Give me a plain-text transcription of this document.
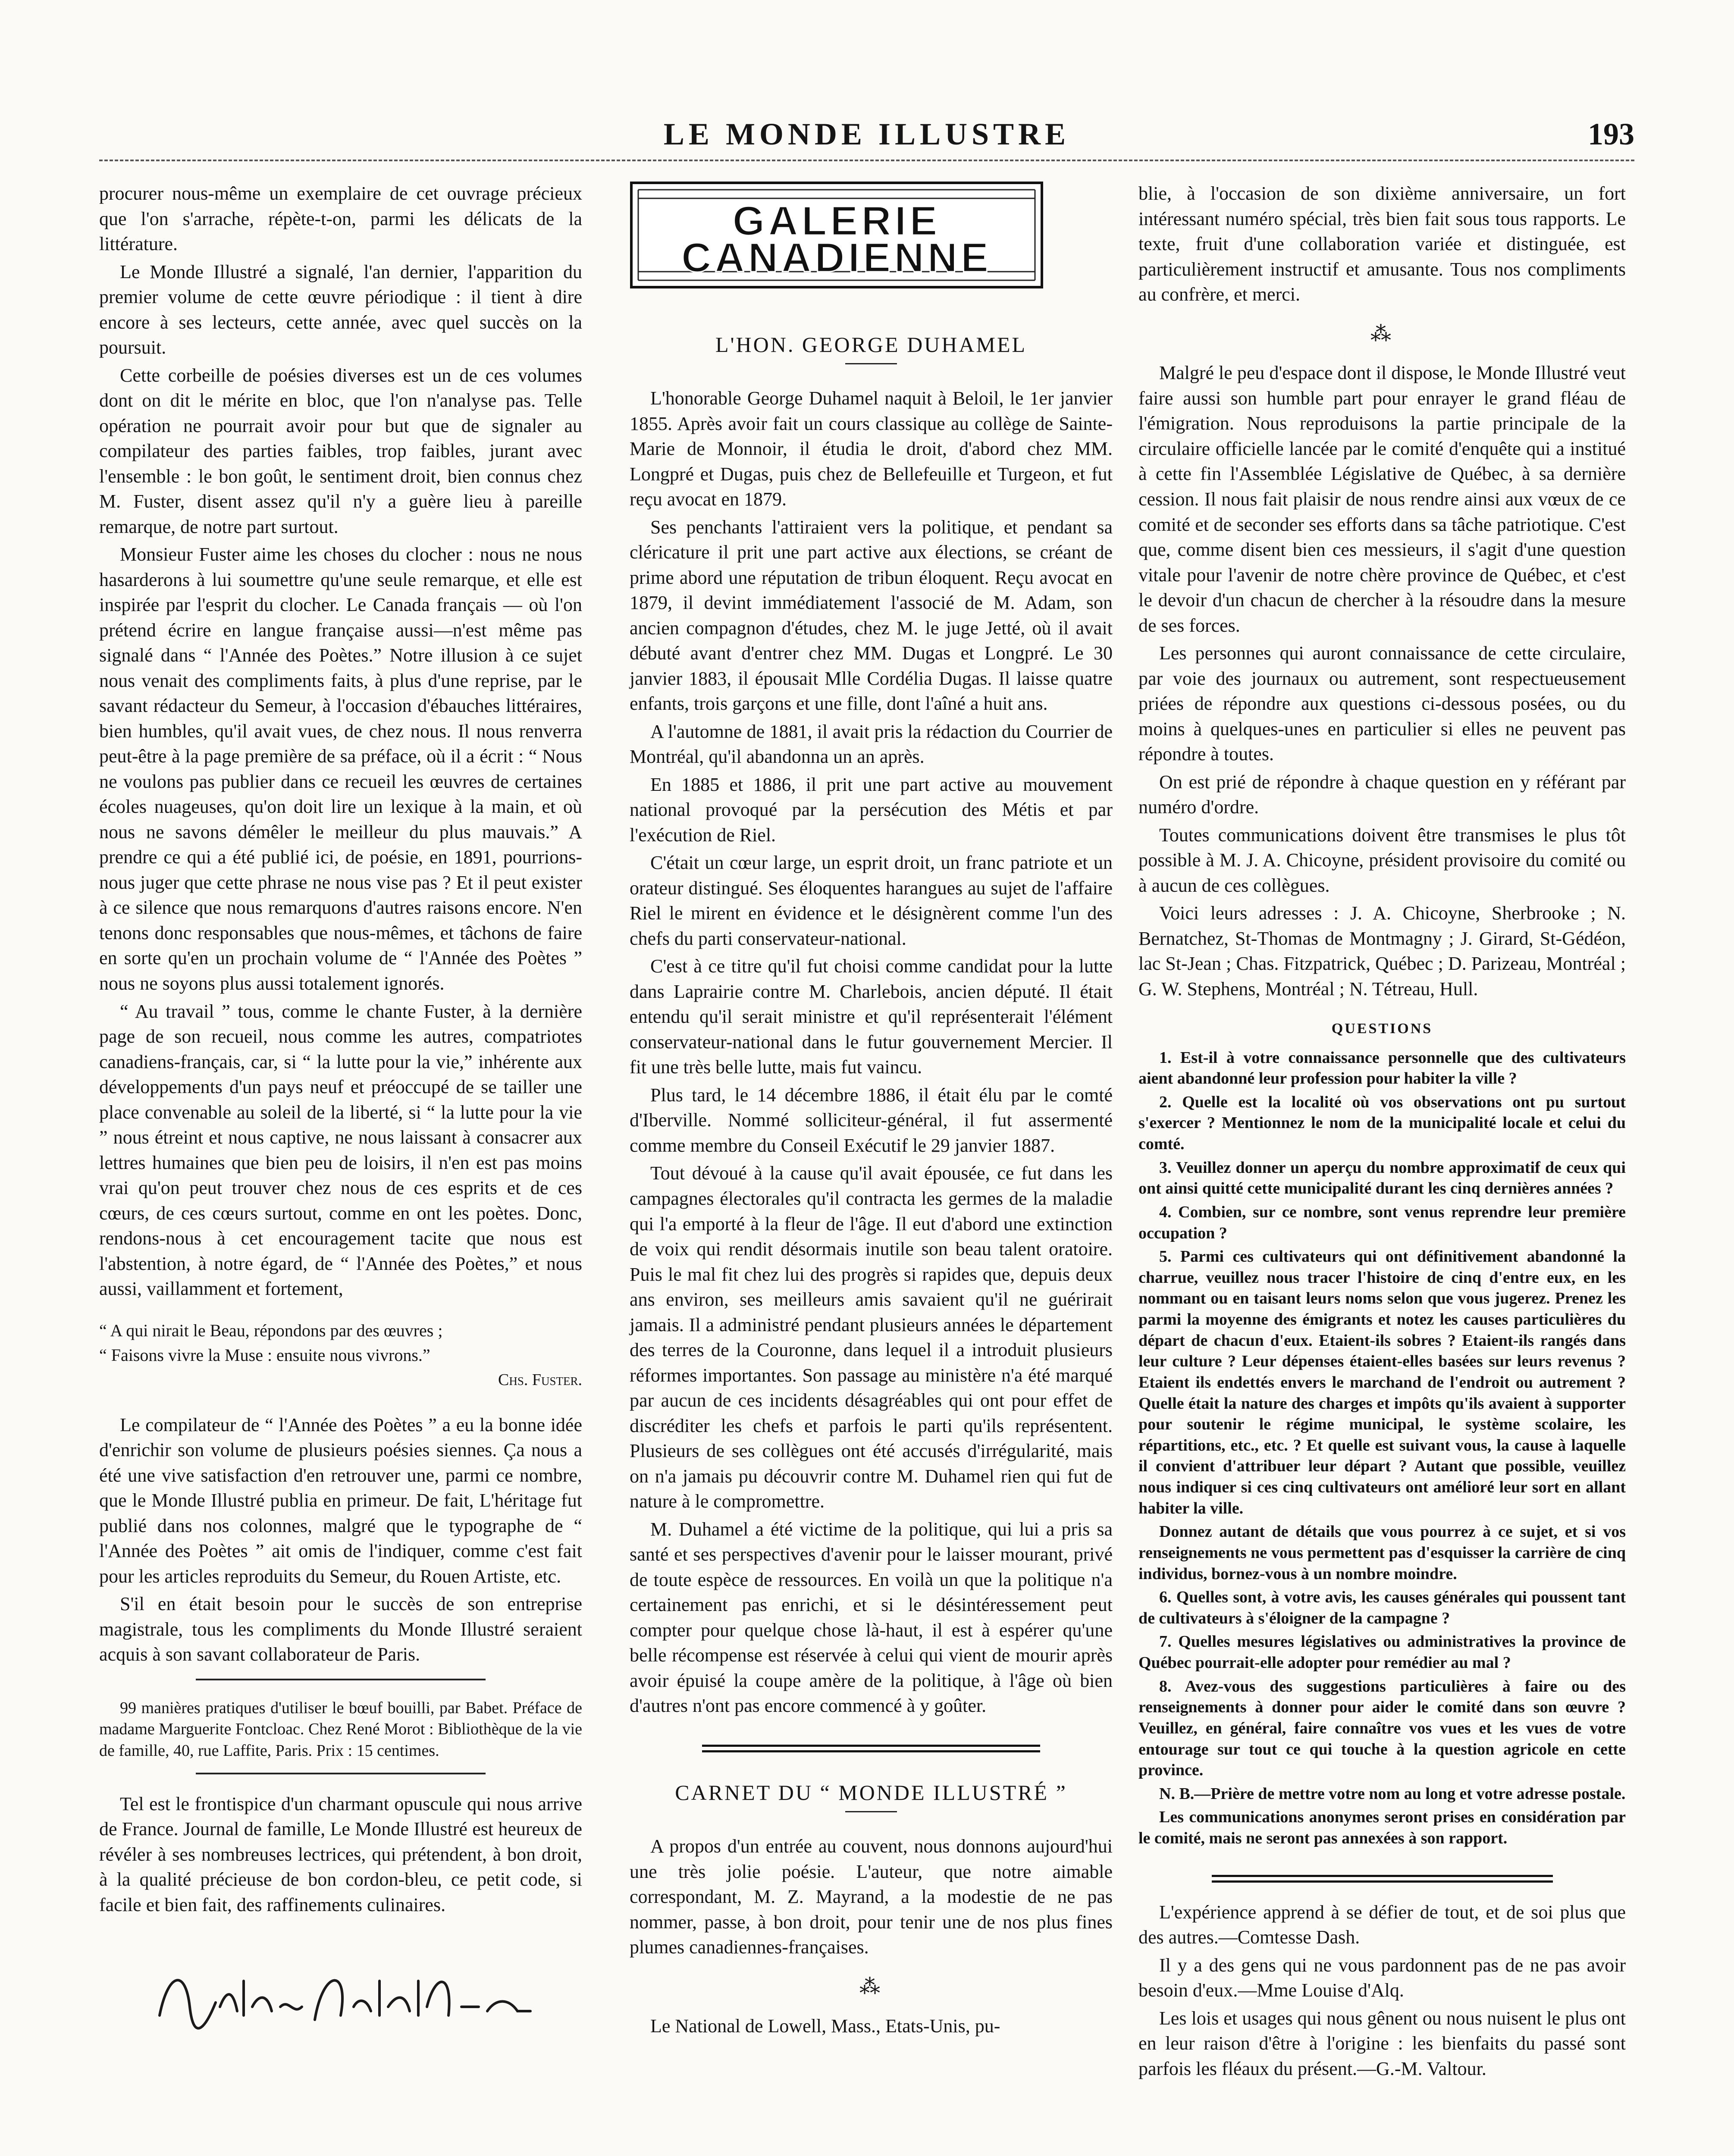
LE MONDE ILLUSTRE	193

procurer nous-même un exemplaire de cet ouvrage précieux que l'on s'arrache, répète-t-on, parmi les délicats de la littérature.

Le Monde Illustré a signalé, l'an dernier, l'apparition du premier volume de cette œuvre périodique : il tient à dire encore à ses lecteurs, cette année, avec quel succès on la poursuit.

Cette corbeille de poésies diverses est un de ces volumes dont on dit le mérite en bloc, que l'on n'analyse pas. Telle opération ne pourrait avoir pour but que de signaler au compilateur des parties faibles, trop faibles, jurant avec l'ensemble : le bon goût, le sentiment droit, bien connus chez M. Fuster, disent assez qu'il n'y a guère lieu à pareille remarque, de notre part surtout.

Monsieur Fuster aime les choses du clocher : nous ne nous hasarderons à lui soumettre qu'une seule remarque, et elle est inspirée par l'esprit du clocher. Le Canada français — où l'on prétend écrire en langue française aussi—n'est même pas signalé dans “ l'Année des Poètes.” Notre illusion à ce sujet nous venait des compliments faits, à plus d'une reprise, par le savant rédacteur du Semeur, à l'occasion d'ébauches littéraires, bien humbles, qu'il avait vues, de chez nous. Il nous renverra peut-être à la page première de sa préface, où il a écrit : “ Nous ne voulons pas publier dans ce recueil les œuvres de certaines écoles nuageuses, qu'on doit lire un lexique à la main, et où nous ne savons démêler le meilleur du plus mauvais.” A prendre ce qui a été publié ici, de poésie, en 1891, pourrions-nous juger que cette phrase ne nous vise pas ? Et il peut exister à ce silence que nous remarquons d'autres raisons encore. N'en tenons donc responsables que nous-mêmes, et tâchons de faire en sorte qu'en un prochain volume de “ l'Année des Poètes ” nous ne soyons plus aussi totalement ignorés.

“ Au travail ” tous, comme le chante Fuster, à la dernière page de son recueil, nous comme les autres, compatriotes canadiens-français, car, si “ la lutte pour la vie,” inhérente aux développements d'un pays neuf et préoccupé de se tailler une place convenable au soleil de la liberté, si “ la lutte pour la vie ” nous étreint et nous captive, ne nous laissant à consacrer aux lettres humaines que bien peu de loisirs, il n'en est pas moins vrai qu'on peut trouver chez nous de ces esprits et de ces cœurs, de ces cœurs surtout, comme en ont les poètes. Donc, rendons-nous à cet encouragement tacite que nous est l'abstention, à notre égard, de “ l'Année des Poètes,” et nous aussi, vaillamment et fortement,

“ A qui nirait le Beau, répondons par des œuvres ;
“ Faisons vivre la Muse : ensuite nous vivrons.”
Chs. Fuster.

Le compilateur de “ l'Année des Poètes ” a eu la bonne idée d'enrichir son volume de plusieurs poésies siennes. Ça nous a été une vive satisfaction d'en retrouver une, parmi ce nombre, que le Monde Illustré publia en primeur. De fait, L'héritage fut publié dans nos colonnes, malgré que le typographe de “ l'Année des Poètes ” ait omis de l'indiquer, comme c'est fait pour les articles reproduits du Semeur, du Rouen Artiste, etc.

S'il en était besoin pour le succès de son entreprise magistrale, tous les compliments du Monde Illustré seraient acquis à son savant collaborateur de Paris.

99 manières pratiques d'utiliser le bœuf bouilli, par Babet. Préface de madame Marguerite Fontcloac. Chez René Morot : Bibliothèque de la vie de famille, 40, rue Laffite, Paris. Prix : 15 centimes.

Tel est le frontispice d'un charmant opuscule qui nous arrive de France. Journal de famille, Le Monde Illustré est heureux de révéler à ses nombreuses lectrices, qui prétendent, à bon droit, à la qualité précieuse de bon cordon-bleu, ce petit code, si facile et bien fait, des raffinements culinaires.

Jules Saint-Elme
GALERIE
CANADIENNE
L'HON. GEORGE DUHAMEL

L'honorable George Duhamel naquit à Beloil, le 1er janvier 1855. Après avoir fait un cours classique au collège de Sainte-Marie de Monnoir, il étudia le droit, d'abord chez MM. Longpré et Dugas, puis chez de Bellefeuille et Turgeon, et fut reçu avocat en 1879.

Ses penchants l'attiraient vers la politique, et pendant sa cléricature il prit une part active aux élections, se créant de prime abord une réputation de tribun éloquent. Reçu avocat en 1879, il devint immédiatement l'associé de M. Adam, son ancien compagnon d'études, chez M. le juge Jetté, où il avait débuté avant d'entrer chez MM. Dugas et Longpré. Le 30 janvier 1883, il épousait Mlle Cordélia Dugas. Il laisse quatre enfants, trois garçons et une fille, dont l'aîné a huit ans.

A l'automne de 1881, il avait pris la rédaction du Courrier de Montréal, qu'il abandonna un an après.

En 1885 et 1886, il prit une part active au mouvement national provoqué par la persécution des Métis et par l'exécution de Riel.

C'était un cœur large, un esprit droit, un franc patriote et un orateur distingué. Ses éloquentes harangues au sujet de l'affaire Riel le mirent en évidence et le désignèrent comme l'un des chefs du parti conservateur-national.

C'est à ce titre qu'il fut choisi comme candidat pour la lutte dans Laprairie contre M. Charlebois, ancien député. Il était entendu qu'il serait ministre et qu'il représenterait l'élément conservateur-national dans le futur gouvernement Mercier. Il fit une très belle lutte, mais fut vaincu.

Plus tard, le 14 décembre 1886, il était élu par le comté d'Iberville. Nommé solliciteur-général, il fut assermenté comme membre du Conseil Exécutif le 29 janvier 1887.

Tout dévoué à la cause qu'il avait épousée, ce fut dans les campagnes électorales qu'il contracta les germes de la maladie qui l'a emporté à la fleur de l'âge. Il eut d'abord une extinction de voix qui rendit désormais inutile son beau talent oratoire. Puis le mal fit chez lui des progrès si rapides que, depuis deux ans environ, ses meilleurs amis savaient qu'il ne guérirait jamais. Il a administré pendant plusieurs années le département des terres de la Couronne, dans lequel il a introduit plusieurs réformes importantes. Son passage au ministère n'a été marqué par aucun de ces incidents désagréables qui ont pour effet de discréditer les chefs et parfois le parti qu'ils représentent. Plusieurs de ses collègues ont été accusés d'irrégularité, mais on n'a jamais pu découvrir contre M. Duhamel rien qui fut de nature à le compromettre.

M. Duhamel a été victime de la politique, qui lui a pris sa santé et ses perspectives d'avenir pour le laisser mourant, privé de toute espèce de ressources. En voilà un que la politique n'a certainement pas enrichi, et si le désintéressement peut compter pour quelque chose là-haut, il est à espérer qu'une belle récompense est réservée à celui qui vient de mourir après avoir épuisé la coupe amère de la politique, à l'âge où bien d'autres n'ont pas encore commencé à y goûter.

CARNET DU “ MONDE ILLUSTRÉ ”

A propos d'un entrée au couvent, nous donnons aujourd'hui une très jolie poésie. L'auteur, que notre aimable correspondant, M. Z. Mayrand, a la modestie de ne pas nommer, passe, à bon droit, pour tenir une de nos plus fines plumes canadiennes-françaises.

⁂

Le National de Lowell, Mass., Etats-Unis, pu-

blie, à l'occasion de son dixième anniversaire, un fort intéressant numéro spécial, très bien fait sous tous rapports. Le texte, fruit d'une collaboration variée et distinguée, est particulièrement instructif et amusante. Tous nos compliments au confrère, et merci.

⁂

Malgré le peu d'espace dont il dispose, le Monde Illustré veut faire aussi son humble part pour enrayer le grand fléau de l'émigration. Nous reproduisons la partie principale de la circulaire officielle lancée par le comité d'enquête qui a institué à cette fin l'Assemblée Législative de Québec, à sa dernière cession. Il nous fait plaisir de nous rendre ainsi aux vœux de ce comité et de seconder ses efforts dans sa tâche patriotique. C'est que, comme disent bien ces messieurs, il s'agit d'une question vitale pour l'avenir de notre chère province de Québec, et c'est le devoir d'un chacun de chercher à la résoudre dans la mesure de ses forces.

Les personnes qui auront connaissance de cette circulaire, par voie des journaux ou autrement, sont respectueusement priées de répondre aux questions ci-dessous posées, ou du moins à quelques-unes en particulier si elles ne peuvent pas répondre à toutes.

On est prié de répondre à chaque question en y référant par numéro d'ordre.

Toutes communications doivent être transmises le plus tôt possible à M. J. A. Chicoyne, président provisoire du comité ou à aucun de ces collègues.

Voici leurs adresses : J. A. Chicoyne, Sherbrooke ; N. Bernatchez, St-Thomas de Montmagny ; J. Girard, St-Gédéon, lac St-Jean ; Chas. Fitzpatrick, Québec ; D. Parizeau, Montréal ; G. W. Stephens, Montréal ; N. Tétreau, Hull.

QUESTIONS

1. Est-il à votre connaissance personnelle que des cultivateurs aient abandonné leur profession pour habiter la ville ?

2. Quelle est la localité où vos observations ont pu surtout s'exercer ? Mentionnez le nom de la municipalité locale et celui du comté.

3. Veuillez donner un aperçu du nombre approximatif de ceux qui ont ainsi quitté cette municipalité durant les cinq dernières années ?

4. Combien, sur ce nombre, sont venus reprendre leur première occupation ?

5. Parmi ces cultivateurs qui ont définitivement abandonné la charrue, veuillez nous tracer l'histoire de cinq d'entre eux, en les nommant ou en taisant leurs noms selon que vous jugerez. Prenez les parmi la moyenne des émigrants et notez les causes particulières du départ de chacun d'eux. Etaient-ils sobres ? Etaient-ils rangés dans leur culture ? Leur dépenses étaient-elles basées sur leurs revenus ? Etaient ils endettés envers le marchand de l'endroit ou autrement ? Quelle était la nature des charges et impôts qu'ils avaient à supporter pour soutenir le régime municipal, le système scolaire, les répartitions, etc., etc. ? Et quelle est suivant vous, la cause à laquelle il convient d'attribuer leur départ ? Autant que possible, veuillez nous indiquer si ces cinq cultivateurs ont amélioré leur sort en allant habiter la ville.

Donnez autant de détails que vous pourrez à ce sujet, et si vos renseignements ne vous permettent pas d'esquisser la carrière de cinq individus, bornez-vous à un nombre moindre.

6. Quelles sont, à votre avis, les causes générales qui poussent tant de cultivateurs à s'éloigner de la campagne ?

7. Quelles mesures législatives ou administratives la province de Québec pourrait-elle adopter pour remédier au mal ?

8. Avez-vous des suggestions particulières à faire ou des renseignements à donner pour aider le comité dans son œuvre ? Veuillez, en général, faire connaître vos vues et les vues de votre entourage sur tout ce qui touche à la question agricole en cette province.

N. B.—Prière de mettre votre nom au long et votre adresse postale.

Les communications anonymes seront prises en considération par le comité, mais ne seront pas annexées à son rapport.

L'expérience apprend à se défier de tout, et de soi plus que des autres.—Comtesse Dash.

Il y a des gens qui ne vous pardonnent pas de ne pas avoir besoin d'eux.—Mme Louise d'Alq.

Les lois et usages qui nous gênent ou nous nuisent le plus ont en leur raison d'être à l'origine : les bienfaits du passé sont parfois les fléaux du présent.—G.-M. Valtour.
